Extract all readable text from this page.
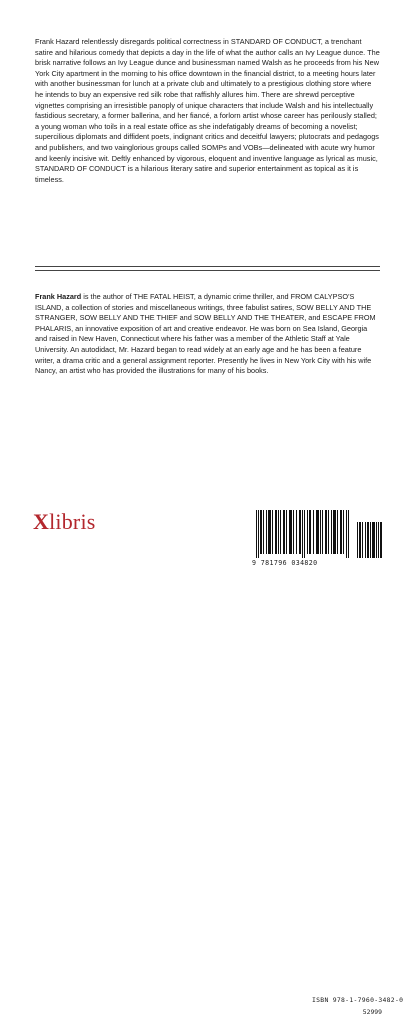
Frank Hazard relentlessly disregards political correctness in STANDARD OF CONDUCT, a trenchant satire and hilarious comedy that depicts a day in the life of what the author calls an Ivy League dunce. The brisk narrative follows an Ivy League dunce and businessman named Walsh as he proceeds from his New York City apartment in the morning to his office downtown in the financial district, to a meeting hours later with another businessman for lunch at a private club and ultimately to a prestigious clothing store where he intends to buy an expensive red silk robe that raffishly allures him. There are shrewd perceptive vignettes comprising an irresistible panoply of unique characters that include Walsh and his intellectually fastidious secretary, a former ballerina, and her fiancé, a forlorn artist whose career has perilously stalled; a young woman who toils in a real estate office as she indefatigably dreams of becoming a novelist; supercilious diplomats and diffident poets, indignant critics and deceitful lawyers; plutocrats and pedagogs and publishers, and two vainglorious groups called SOMPs and VOBs—delineated with acute wry humor and keenly incisive wit. Deftly enhanced by vigorous, eloquent and inventive language as lyrical as music, STANDARD OF CONDUCT is a hilarious literary satire and superior entertainment as topical as it is timeless.

Frank Hazard is the author of THE FATAL HEIST, a dynamic crime thriller, and FROM CALYPSO'S ISLAND, a collection of stories and miscellaneous writings, three fabulist satires, SOW BELLY AND THE STRANGER, SOW BELLY AND THE THIEF and SOW BELLY AND THE THEATER, and ESCAPE FROM PHALARIS, an innovative exposition of art and creative endeavor. He was born on Sea Island, Georgia and raised in New Haven, Connecticut where his father was a member of the Athletic Staff at Yale University. An autodidact, Mr. Hazard began to read widely at an early age and he has been a feature writer, a drama critic and a general assignment reporter. Presently he lives in New York City with his wife Nancy, an artist who has provided the illustrations for many of his books.

Xlibris
ISBN 978-1-7960-3482-0
52999
9 781796 034820
